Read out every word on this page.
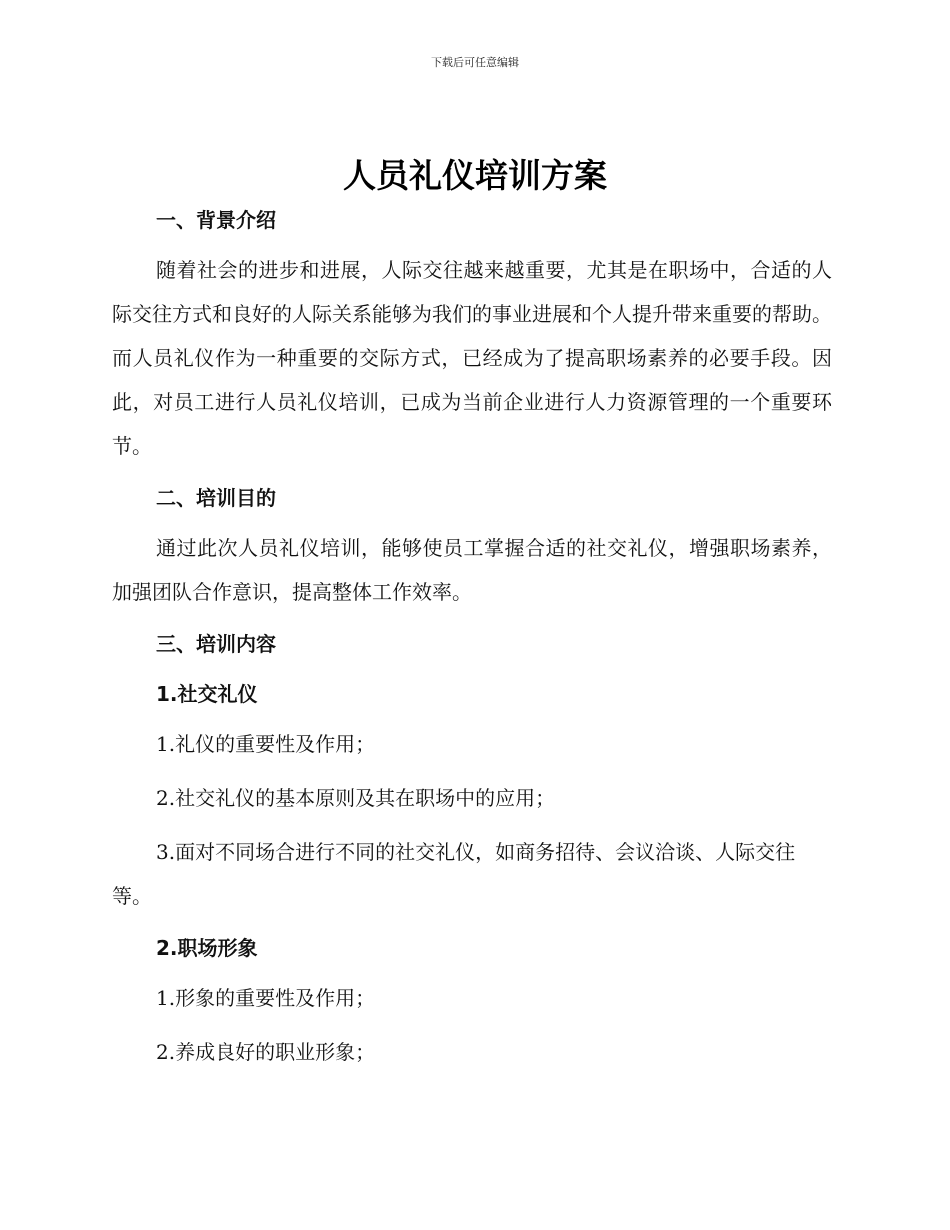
下载后可任意编辑
人员礼仪培训方案
一、背景介绍

随着社会的进步和进展，人际交往越来越重要，尤其是在职场中，合适的人际交往方式和良好的人际关系能够为我们的事业进展和个人提升带来重要的帮助。而人员礼仪作为一种重要的交际方式，已经成为了提高职场素养的必要手段。因此，对员工进行人员礼仪培训，已成为当前企业进行人力资源管理的一个重要环节。

二、培训目的

通过此次人员礼仪培训，能够使员工掌握合适的社交礼仪，增强职场素养，加强团队合作意识，提高整体工作效率。

三、培训内容
1.社交礼仪

1.礼仪的重要性及作用；

2.社交礼仪的基本原则及其在职场中的应用；

3.面对不同场合进行不同的社交礼仪，如商务招待、会议洽谈、人际交往等。

2.职场形象

1.形象的重要性及作用；

2.养成良好的职业形象；
